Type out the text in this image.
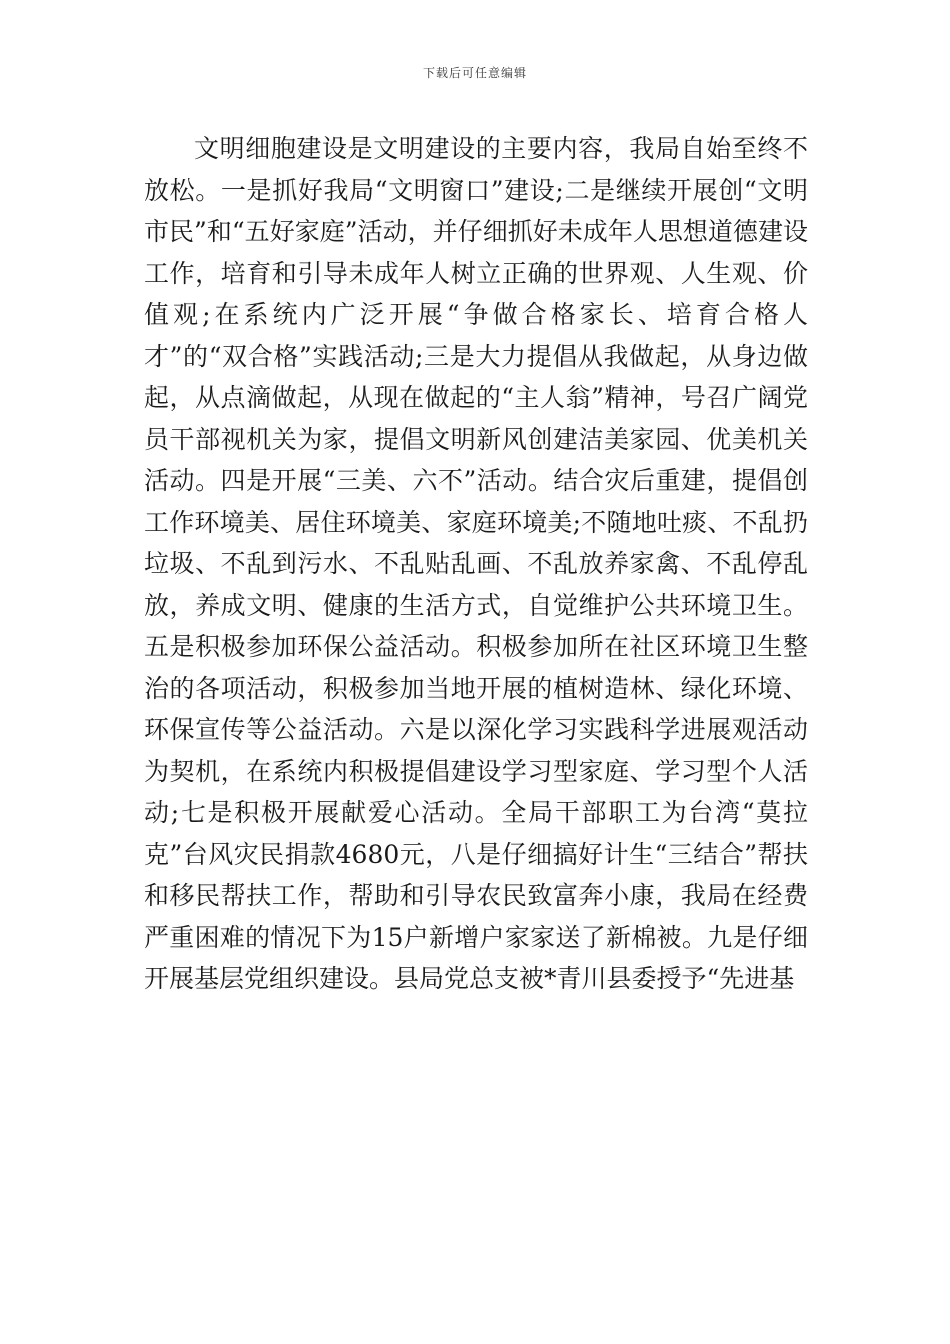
下载后可任意编辑

文明细胞建设是文明建设的主要内容，我局自始至终不放松。一是抓好我局“文明窗口”建设;二是继续开展创“文明市民”和“五好家庭”活动，并仔细抓好未成年人思想道德建设工作，培育和引导未成年人树立正确的世界观、人生观、价值观;在系统内广泛开展“争做合格家长、培育合格人才”的“双合格”实践活动;三是大力提倡从我做起，从身边做起，从点滴做起，从现在做起的“主人翁”精神，号召广阔党员干部视机关为家，提倡文明新风创建洁美家园、优美机关活动。四是开展“三美、六不”活动。结合灾后重建，提倡创工作环境美、居住环境美、家庭环境美;不随地吐痰、不乱扔垃圾、不乱到污水、不乱贴乱画、不乱放养家禽、不乱停乱放，养成文明、健康的生活方式，自觉维护公共环境卫生。五是积极参加环保公益活动。积极参加所在社区环境卫生整治的各项活动，积极参加当地开展的植树造林、绿化环境、环保宣传等公益活动。六是以深化学习实践科学进展观活动为契机，在系统内积极提倡建设学习型家庭、学习型个人活动;七是积极开展献爱心活动。全局干部职工为台湾“莫拉克”台风灾民捐款4680元，八是仔细搞好计生“三结合”帮扶和移民帮扶工作，帮助和引导农民致富奔小康，我局在经费严重困难的情况下为15户新增户家家送了新棉被。九是仔细开展基层党组织建设。县局党总支被*青川县委授予“先进基
